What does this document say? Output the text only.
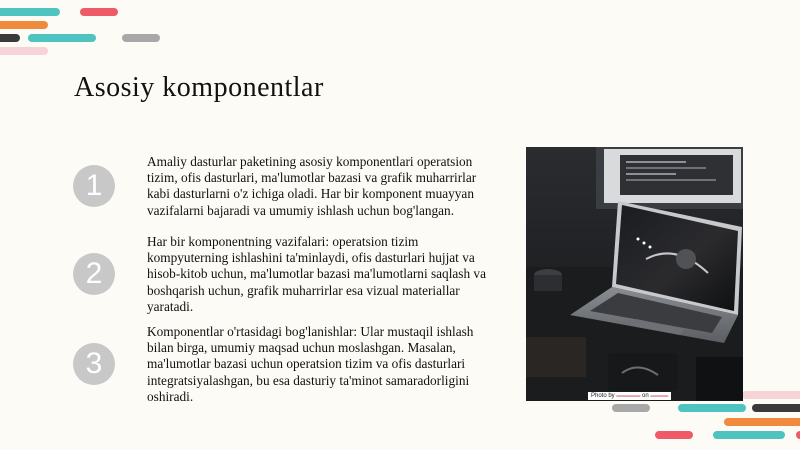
Asosiy komponentlar
1
Amaliy dasturlar paketining asosiy komponentlari operatsion tizim, ofis dasturlari, ma'lumotlar bazasi va grafik muharrirlar kabi dasturlarni o'z ichiga oladi. Har bir komponent muayyan vazifalarni bajaradi va umumiy ishlash uchun bog'langan.
2
Har bir komponentning vazifalari: operatsion tizim kompyuterning ishlashini ta'minlaydi, ofis dasturlari hujjat va hisob-kitob uchun, ma'lumotlar bazasi ma'lumotlarni saqlash va boshqarish uchun, grafik muharrirlar esa vizual materiallar yaratadi.
3
Komponentlar o'rtasidagi bog'lanishlar: Ular mustaqil ishlash bilan birga, umumiy maqsad uchun moslashgan. Masalan, ma'lumotlar bazasi uchun operatsion tizim va ofis dasturlari integratsiyalashgan, bu esa dasturiy ta'minot samaradorligini oshiradi.	Photo by ▬▬▬▬ on ▬▬▬
